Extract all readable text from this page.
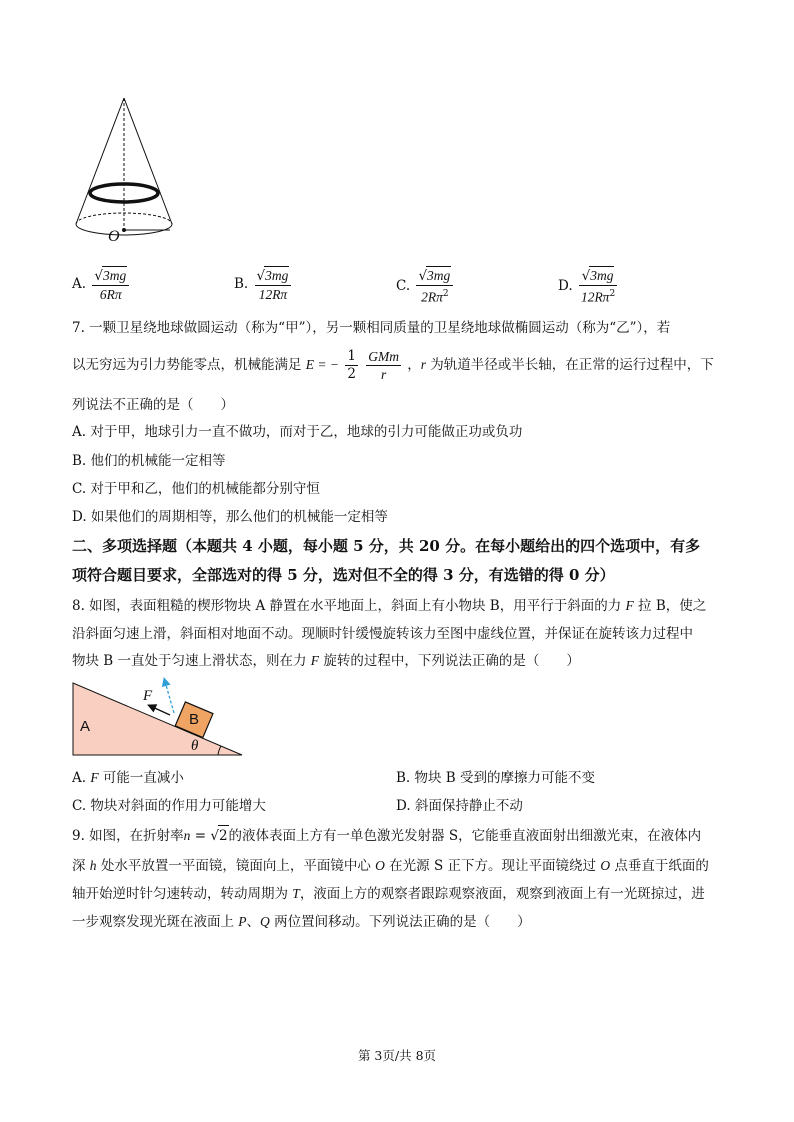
O
A. $\frac{√3mg}{6R\pi}$	B. $\frac{√3mg}{12R\pi}$	C. $\frac{√3mg}{2R\pi^2}$	D. $\frac{√3mg}{12R\pi^2}$
7. 一颗卫星绕地球做圆运动（称为“甲”），另一颗相同质量的卫星绕地球做椭圆运动（称为“乙”），若
以无穷远为引力势能零点，机械能满足 E = − $\frac{1}{2}$
$\frac{\text{GMm}}{r}$ ，r 为轨道半径或半长轴，在正常的运行过程中，下
列说法不正确的是（　　）
A. 对于甲，地球引力一直不做功，而对于乙，地球的引力可能做正功或负功
B. 他们的机械能一定相等
C. 对于甲和乙，他们的机械能都分别守恒
D. 如果他们的周期相等，那么他们的机械能一定相等
二、多项选择题（本题共 4 小题，每小题 5 分，共 20 分。在每小题给出的四个选项中，有多
项符合题目要求，全部选对的得 5 分，选对但不全的得 3 分，有选错的得 0 分）
8. 如图，表面粗糙的楔形物块 A 静置在水平地面上，斜面上有小物块 B，用平行于斜面的力 F 拉 B，使之
沿斜面匀速上滑，斜面相对地面不动。现顺时针缓慢旋转该力至图中虚线位置，并保证在旋转该力过程中
物块 B 一直处于匀速上滑状态，则在力 F 旋转的过程中，下列说法正确的是（　　）
A	B
F
θ
A. F 可能一直减小	B. 物块 B 受到的摩擦力可能不变
C. 物块对斜面的作用力可能增大	D. 斜面保持静止不动
9. 如图，在折射率n = √2的液体表面上方有一单色激光发射器 S，它能垂直液面射出细激光束，在液体内
深 h 处水平放置一平面镜，镜面向上，平面镜中心 O 在光源 S 正下方。现让平面镜绕过 O 点垂直于纸面的
轴开始逆时针匀速转动，转动周期为 T，液面上方的观察者跟踪观察液面，观察到液面上有一光斑掠过，进
一步观察发现光斑在液面上 P、Q 两位置间移动。下列说法正确的是（　　）
第 3页/共 8页
